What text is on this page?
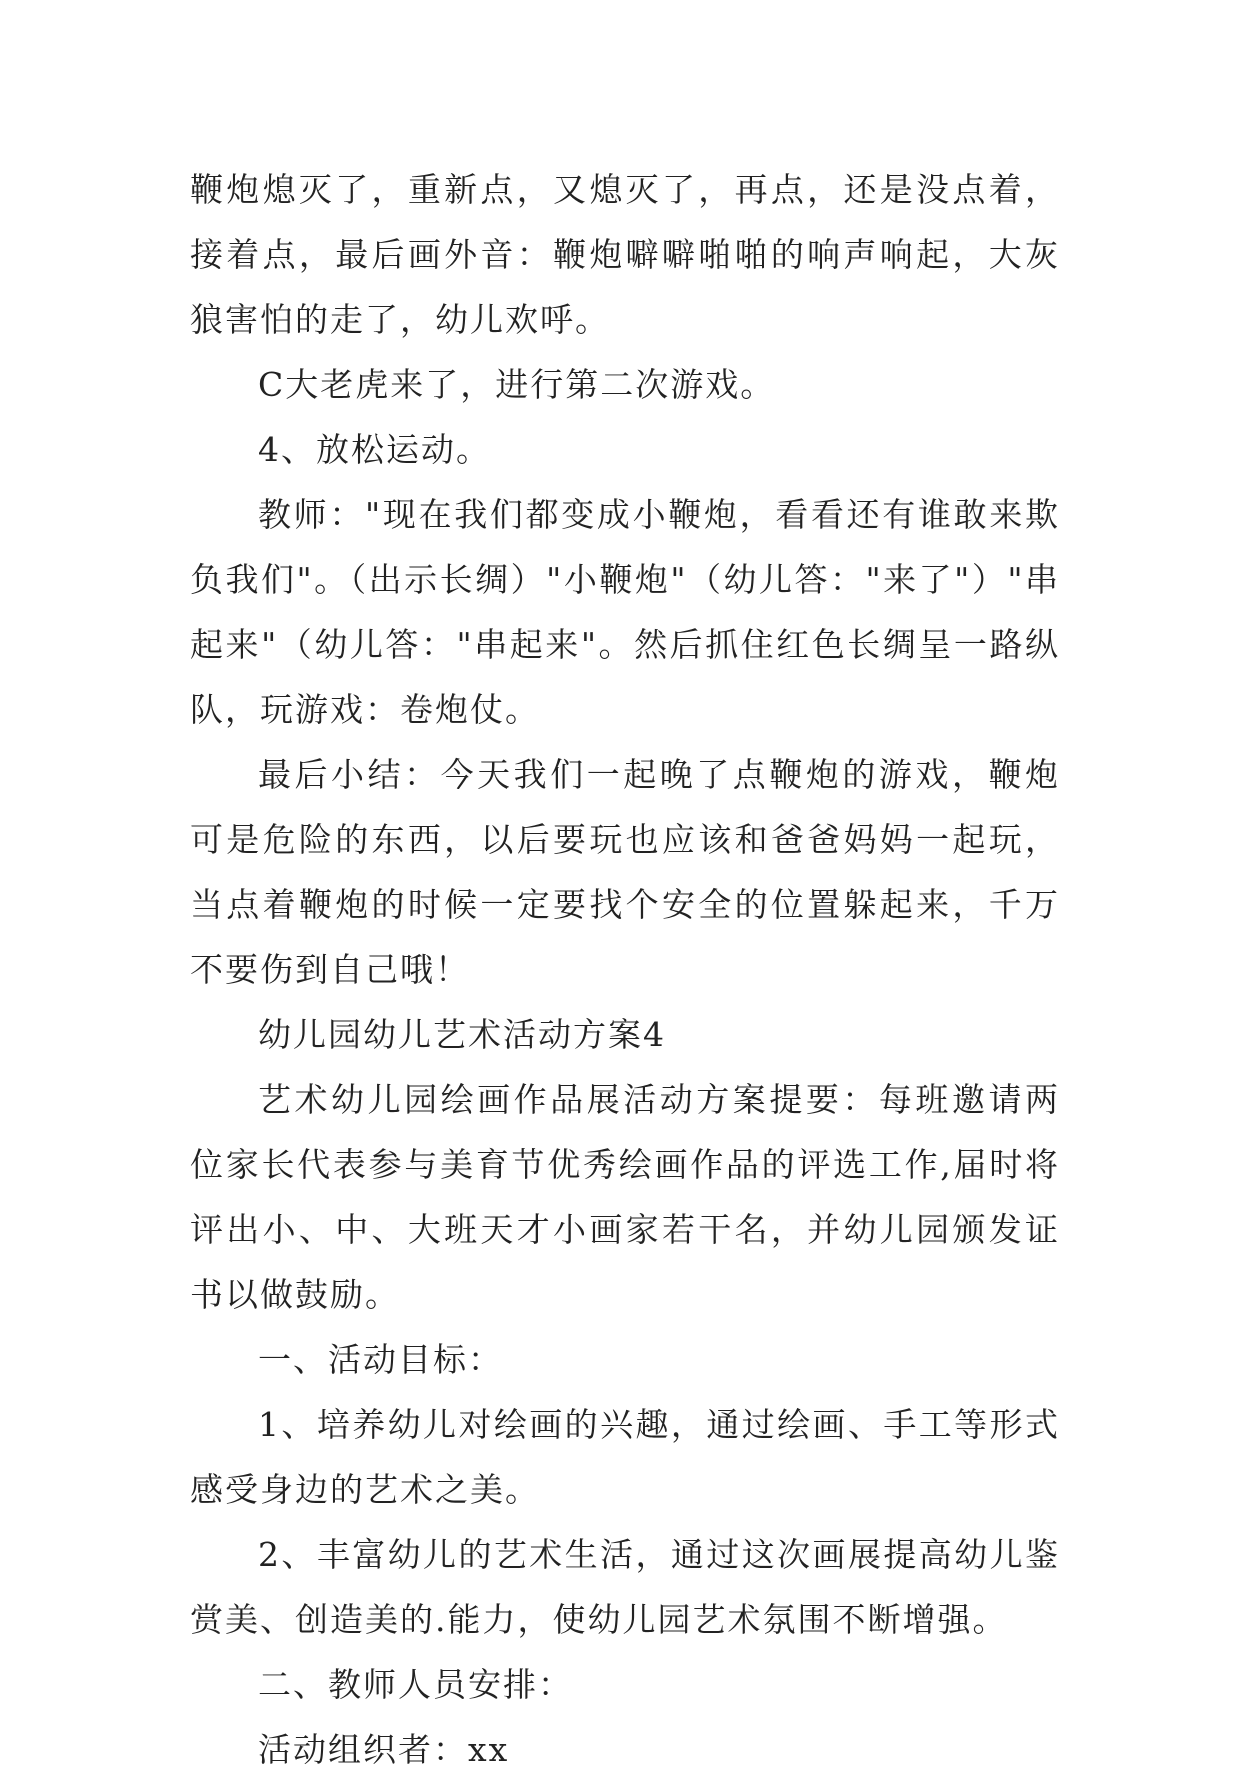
鞭炮熄灭了，重新点，又熄灭了，再点，还是没点着，接着点，最后画外音：鞭炮噼噼啪啪的响声响起，大灰狼害怕的走了，幼儿欢呼。

C大老虎来了，进行第二次游戏。

4、放松运动。

教师："现在我们都变成小鞭炮，看看还有谁敢来欺负我们"。（出示长绸）"小鞭炮"（幼儿答："来了"）"串起来"（幼儿答："串起来"。然后抓住红色长绸呈一路纵队，玩游戏：卷炮仗。

最后小结：今天我们一起晚了点鞭炮的游戏，鞭炮可是危险的东西，以后要玩也应该和爸爸妈妈一起玩，当点着鞭炮的时候一定要找个安全的位置躲起来，千万不要伤到自己哦！

幼儿园幼儿艺术活动方案4

艺术幼儿园绘画作品展活动方案提要：每班邀请两位家长代表参与美育节优秀绘画作品的评选工作,届时将评出小、中、大班天才小画家若干名，并幼儿园颁发证书以做鼓励。

一、活动目标：

1、培养幼儿对绘画的兴趣，通过绘画、手工等形式感受身边的艺术之美。

2、丰富幼儿的艺术生活，通过这次画展提高幼儿鉴赏美、创造美的.能力，使幼儿园艺术氛围不断增强。

二、教师人员安排：

活动组织者：xx
